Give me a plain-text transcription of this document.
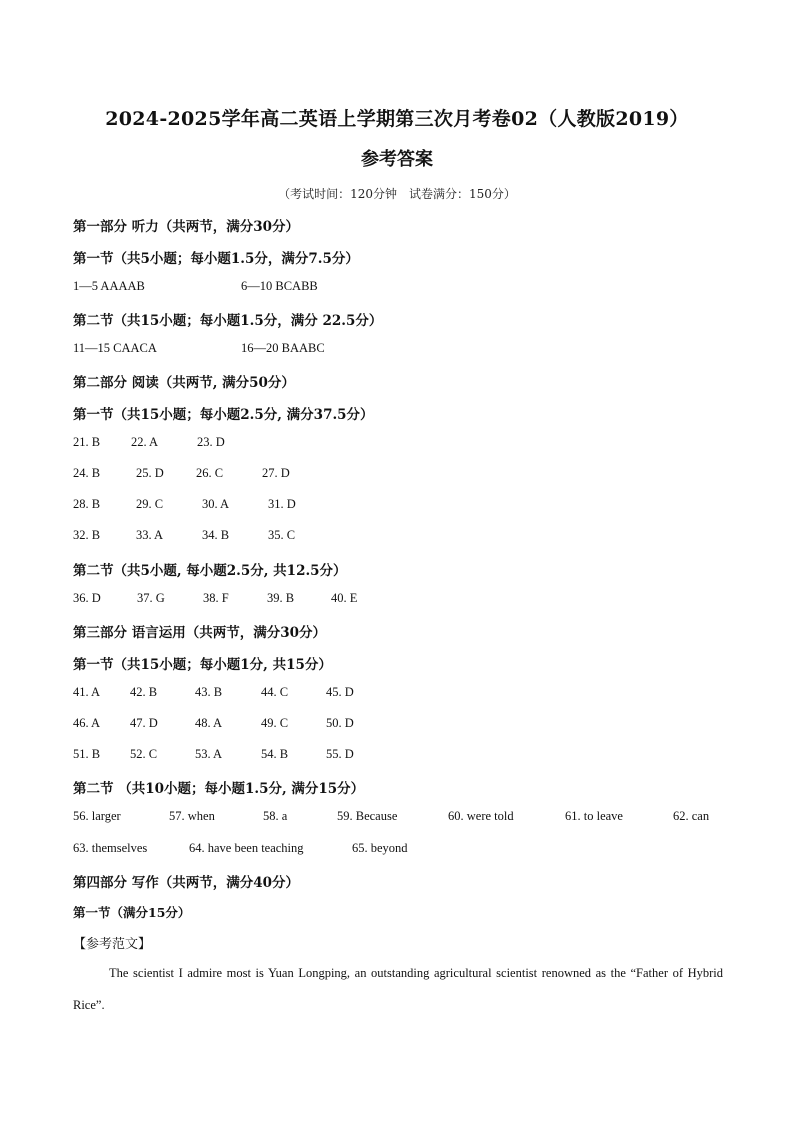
2024-2025学年高二英语上学期第三次月考卷02（人教版2019）
参考答案
（考试时间：120分钟　试卷满分：150分）
第一部分 听力（共两节，满分30分）
第一节（共5小题；每小题1.5分，满分7.5分）
1—5 AAAAB	6—10 BCABB
第二节（共15小题；每小题1.5分，满分 22.5分）
11—15 CAACA	16—20 BAABC
第二部分 阅读（共两节, 满分50分）
第一节（共15小题；每小题2.5分, 满分37.5分）
21. B 22. A	23. D
24. B	25. D	26. C	27. D
28. B	29. C	30. A	31. D
32. B	33. A	34. B	35. C
第二节（共5小题, 每小题2.5分, 共12.5分）
36. D	37. G	38. F	39. B	40. E
第三部分 语言运用（共两节，满分30分）
第一节（共15小题；每小题1分, 共15分）
41. A 42. B	43. B	44. C	45. D
46. A 47. D	48. A	49. C	50. D
51. B 52. C	53. A	54. B	55. D
第二节 （共10小题；每小题1.5分, 满分15分）
56. larger	57. when	58. a	59. Because	60. were told	61. to leave	62. can
63. themselves	64. have been teaching	65. beyond
第四部分 写作（共两节，满分40分）
第一节（满分15分）
【参考范文】
The scientist I admire most is Yuan Longping, an outstanding agricultural scientist renowned as the “Father of Hybrid Rice”.
